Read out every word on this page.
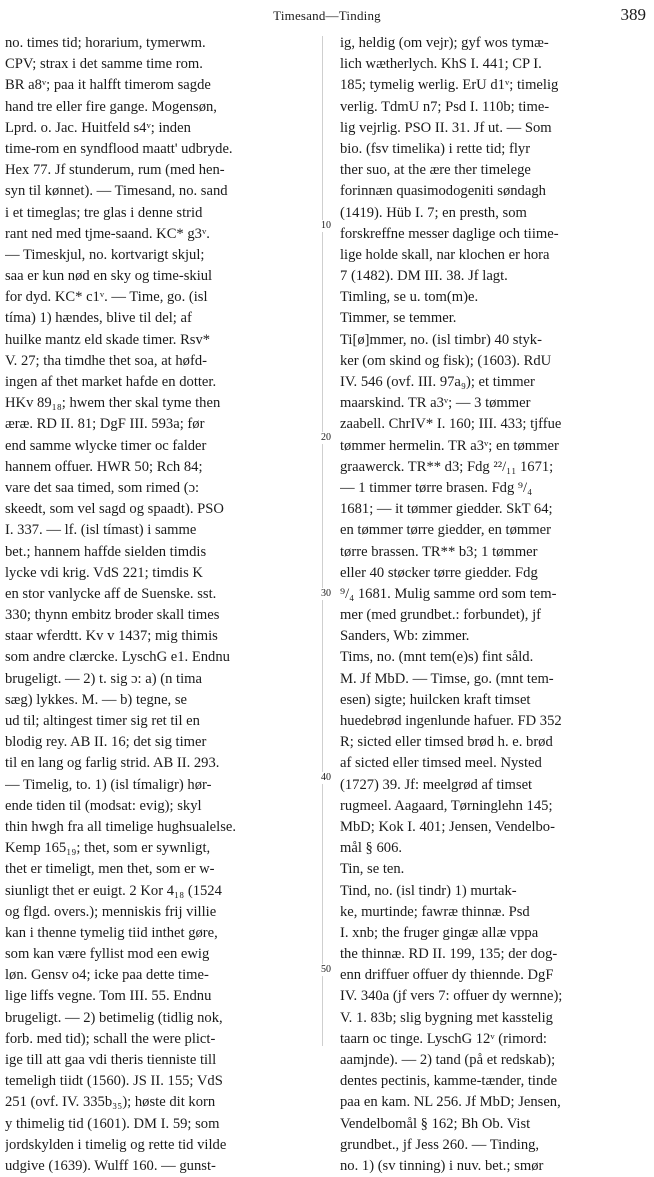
Timesand—Tinding	389
10
20
30
40
50
no. times tid; horarium, tymerwm.
CPV; strax i det samme time rom.
BR a8ᵛ; paa it halfft timerom sagde
hand tre eller fire gange. Mogensøn,
Lprd. o. Jac. Huitfeld s4ᵛ; inden
time-rom en syndflood maatt' udbryde.
Hex 77. Jf stunderum, rum (med hen-
syn til kønnet). — Timesand, no. sand
i et timeglas; tre glas i denne strid
rant ned med tjme-saand. KC* g3ᵛ.
— Timeskjul, no. kortvarigt skjul;
saa er kun nød en sky og time-skiul
for dyd. KC* c1ᵛ. — Time, go. (isl
tíma) 1) hændes, blive til del; af
huilke mantz eld skade timer. Rsv*
V. 27; tha timdhe thet soa, at høfd-
ingen af thet market hafde en dotter.
HKv 89₁₈; hwem ther skal tyme then
æræ. RD II. 81; DgF III. 593a; før
end samme wlycke timer oc falder
hannem offuer. HWR 50; Rch 84;
vare det saa timed, som rimed (ɔ:
skeedt, som vel sagd og spaadt). PSO
I. 337. — lf. (isl tímast) i samme
bet.; hannem haffde sielden timdis
lycke vdi krig. VdS 221; timdis K
en stor vanlycke aff de Suenske. sst.
330; thynn embitz broder skall times
staar wferdtt. Kv v 1437; mig thimis
som andre clærcke. LyschG e1. Endnu
brugeligt. — 2) t. sig ɔ: a) (n tima
sæg) lykkes. M. — b) tegne, se
ud til; altingest timer sig ret til en
blodig rey. AB II. 16; det sig timer
til en lang og farlig strid. AB II. 293.
— Timelig, to. 1) (isl tímaligr) hør-
ende tiden til (modsat: evig); skyl
thin hwgh fra all timelige hughsualelse.
Kemp 165₁₉; thet, som er sywnligt,
thet er timeligt, men thet, som er w-
siunligt thet er euigt. 2 Kor 4₁₈ (1524
og flgd. overs.); menniskis frij villie
kan i thenne tymelig tiid inthet gøre,
som kan være fyllist mod een ewig
løn. Gensv o4; icke paa dette time-
lige liffs vegne. Tom III. 55. Endnu
brugeligt. — 2) betimelig (tidlig nok,
forb. med tid); schall the were plict-
ige till att gaa vdi theris tienniste till
temeligh tiidt (1560). JS II. 155; VdS
251 (ovf. IV. 335b₃₅); høste dit korn
y thimelig tid (1601). DM I. 59; som
jordskylden i timelig og rette tid vilde
udgive (1639). Wulff 160. — gunst-
ig, heldig (om vejr); gyf wos tymæ-
lich wætherlych. KhS I. 441; CP I.
185; tymelig werlig. ErU d1ᵛ; timelig
verlig. TdmU n7; Psd I. 110b; time-
lig vejrlig. PSO II. 31. Jf ut. — Som
bio. (fsv timelika) i rette tid; flyr
ther suo, at the ære ther timelege
forinnæn quasimodogeniti søndagh
(1419). Hüb I. 7; en presth, som
forskreffne messer daglige och tiime-
lige holde skall, nar klochen er hora
7 (1482). DM III. 38. Jf lagt.
Timling, se u. tom(m)e.
Timmer, se temmer.
Ti[ø]mmer, no. (isl timbr) 40 styk-
ker (om skind og fisk); (1603). RdU
IV. 546 (ovf. III. 97a₉); et timmer
maarskind. TR a3ᵛ; — 3 tømmer
zaabell. ChrIV* I. 160; III. 433; tjffue
tømmer hermelin. TR a3ᵛ; en tømmer
graawerck. TR** d3; Fdg ²²/₁₁ 1671;
— 1 timmer tørre brasen. Fdg ⁹/₄
1681; — it tømmer giedder. SkT 64;
en tømmer tørre giedder, en tømmer
tørre brassen. TR** b3; 1 tømmer
eller 40 støcker tørre giedder. Fdg
⁹/₄ 1681. Mulig samme ord som tem-
mer (med grundbet.: forbundet), jf
Sanders, Wb: zimmer.
Tims, no. (mnt tem(e)s) fint såld.
M. Jf MbD. — Timse, go. (mnt tem-
esen) sigte; huilcken kraft timset
huedebrød ingenlunde hafuer. FD 352
R; sicted eller timsed brød h. e. brød
af sicted eller timsed meel. Nysted
(1727) 39. Jf: meelgrød af timset
rugmeel. Aagaard, Tørninglehn 145;
MbD; Kok I. 401; Jensen, Vendelbo-
mål § 606.
Tin, se ten.
Tind, no. (isl tindr) 1) murtak-
ke, murtinde; fawræ thinnæ. Psd
I. xnb; the fruger gingæ allæ vppa
the thinnæ. RD II. 199, 135; der dog-
enn driffuer offuer dy thiennde. DgF
IV. 340a (jf vers 7: offuer dy wernne);
V. 1. 83b; slig bygning met kasstelig
taarn oc tinge. LyschG 12ᵛ (rimord:
aamjnde). — 2) tand (på et redskab);
dentes pectinis, kamme-tænder, tinde
paa en kam. NL 256. Jf MbD; Jensen,
Vendelbomål § 162; Bh Ob. Vist
grundbet., jf Jess 260. — Tinding,
no. 1) (sv tinning) i nuv. bet.; smør
